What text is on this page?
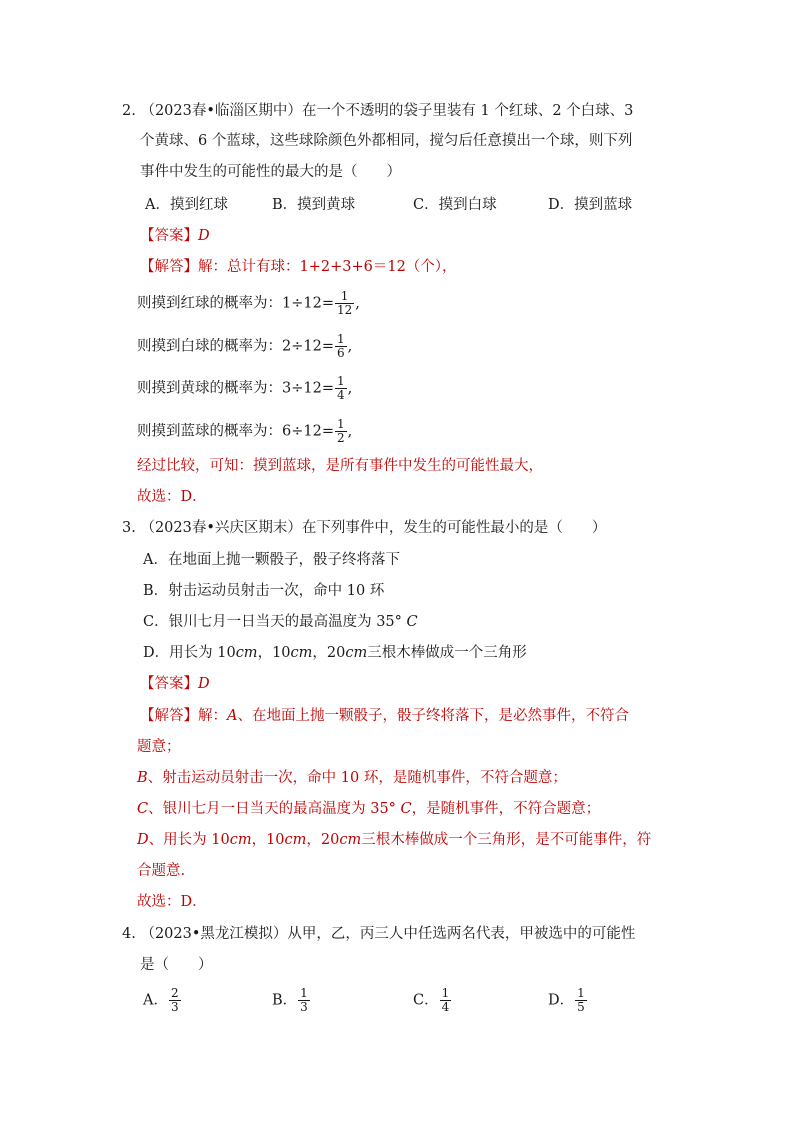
2. （2023春•临淄区期中）在一个不透明的袋子里装有 1 个红球、2 个白球、3
个黄球、6 个蓝球，这些球除颜色外都相同，搅匀后任意摸出一个球，则下列
事件中发生的可能性的最大的是（　　）
A．摸到红球	B．摸到黄球	C．摸到白球	D．摸到蓝球
【答案】D
【解答】解：总计有球：1+2+3+6＝12（个），
则摸到红球的概率为：$1\div 12= \frac{1}{12}$ ,
则摸到白球的概率为：$2\div 12= \frac{1}{6}$ ,
则摸到黄球的概率为：$3\div 12= \frac{1}{4}$ ,
则摸到蓝球的概率为：$6\div 12= \frac{1}{2}$ ,
经过比较，可知：摸到蓝球，是所有事件中发生的可能性最大，
故选：D．
3. （2023春•兴庆区期末）在下列事件中，发生的可能性最小的是（　　）
A．在地面上抛一颗骰子，骰子终将落下
B．射击运动员射击一次，命中 10 环
C．银川七月一日当天的最高温度为 35° C
D．用长为 10cm，10cm，20cm三根木棒做成一个三角形
【答案】D
【解答】解：A、在地面上抛一颗骰子，骰子终将落下，是必然事件，不符合
题意；
B、射击运动员射击一次，命中 10 环，是随机事件，不符合题意；
C、银川七月一日当天的最高温度为 35° C，是随机事件，不符合题意；
D、用长为 10cm，10cm，20cm三根木棒做成一个三角形，是不可能事件，符
合题意.
故选：D．
4. （2023•黑龙江模拟）从甲，乙，丙三人中任选两名代表，甲被选中的可能性
是（　　）
A． $\frac{2}{3}$	B． $\frac{1}{3}$	C． $\frac{1}{4}$	D． $\frac{1}{5}$
